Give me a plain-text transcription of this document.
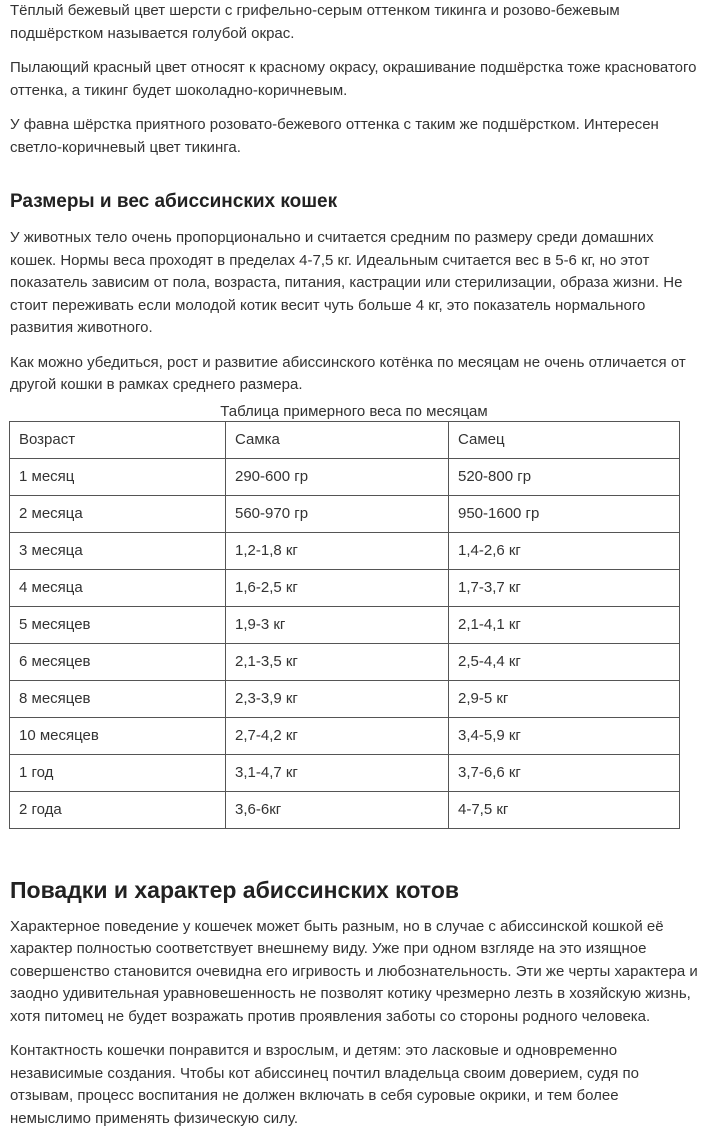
Тёплый бежевый цвет шерсти с грифельно-серым оттенком тикинга и розово-бежевым подшёрстком называется голубой окрас.

Пылающий красный цвет относят к красному окрасу, окрашивание подшёрстка тоже красноватого оттенка, а тикинг будет шоколадно-коричневым.

У фавна шёрстка приятного розовато-бежевого оттенка с таким же подшёрстком. Интересен светло-коричневый цвет тикинга.

Размеры и вес абиссинских кошек

У животных тело очень пропорционально и считается средним по размеру среди домашних кошек. Нормы веса проходят в пределах 4-7,5 кг. Идеальным считается вес в 5-6 кг, но этот показатель зависим от пола, возраста, питания, кастрации или стерилизации, образа жизни. Не стоит переживать если молодой котик весит чуть больше 4 кг, это показатель нормального развития животного.

Как можно убедиться, рост и развитие абиссинского котёнка по месяцам не очень отличается от другой кошки в рамках среднего размера.

Таблица примерного веса по месяцам
Возраст	Самка	Самец
1 месяц	290-600 гр	520-800 гр
2 месяца	560-970 гр	950-1600 гр
3 месяца	1,2-1,8 кг	1,4-2,6 кг
4 месяца	1,6-2,5 кг	1,7-3,7 кг
5 месяцев	1,9-3 кг	2,1-4,1 кг
6 месяцев	2,1-3,5 кг	2,5-4,4 кг
8 месяцев	2,3-3,9 кг	2,9-5 кг
10 месяцев	2,7-4,2 кг	3,4-5,9 кг
1 год	3,1-4,7 кг	3,7-6,6 кг
2 года	3,6-6кг	4-7,5 кг
Повадки и характер абиссинских котов

Характерное поведение у кошечек может быть разным, но в случае с абиссинской кошкой её характер полностью соответствует внешнему виду. Уже при одном взгляде на это изящное совершенство становится очевидна его игривость и любознательность. Эти же черты характера и заодно удивительная уравновешенность не позволят котику чрезмерно лезть в хозяйскую жизнь, хотя питомец не будет возражать против проявления заботы со стороны родного человека.

Контактность кошечки понравится и взрослым, и детям: это ласковые и одновременно независимые создания. Чтобы кот абиссинец почтил владельца своим доверием, судя по отзывам, процесс воспитания не должен включать в себя суровые окрики, и тем более немыслимо применять физическую силу.
